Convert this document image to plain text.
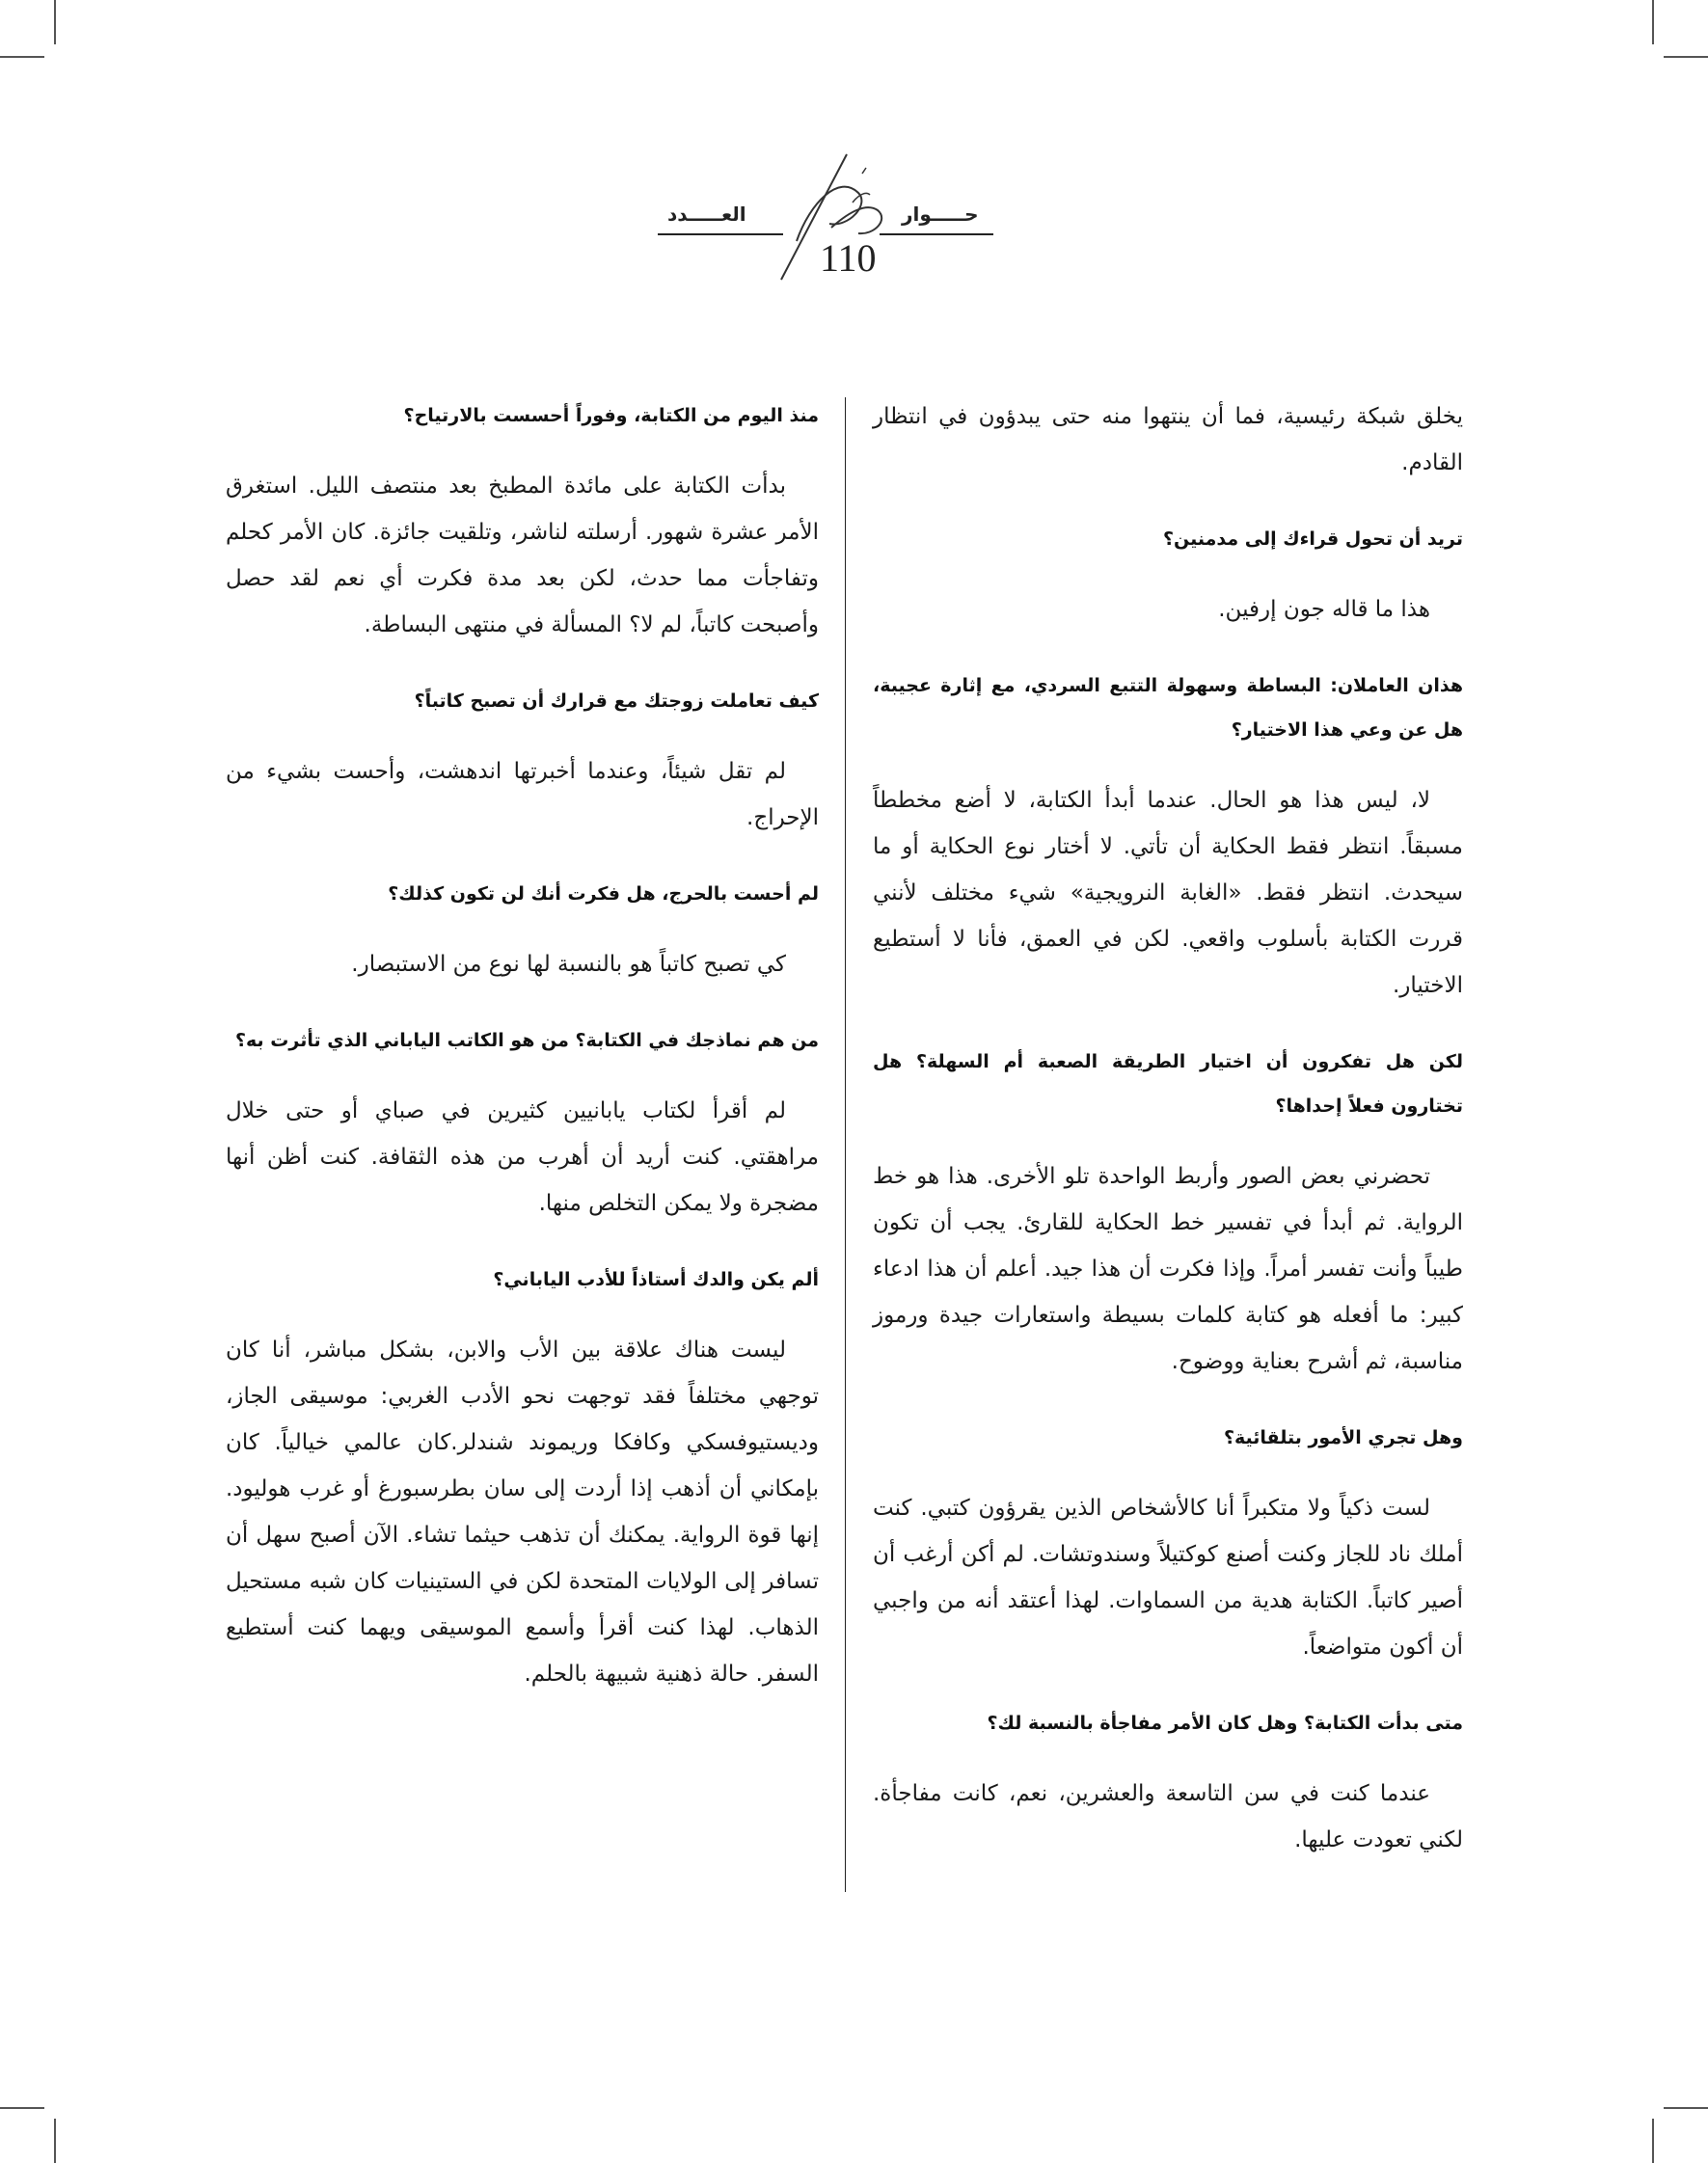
حـــــوار
العـــــدد
110

يخلق شبكة رئيسية، فما أن ينتهوا منه حتى يبدؤون في انتظار القادم.

تريد أن تحول قراءك إلى مدمنين؟

هذا ما قاله جون إرفين.

هذان العاملان: البساطة وسهولة التتبع السردي، مع إثارة عجيبة، هل عن وعي هذا الاختيار؟

لا، ليس هذا هو الحال. عندما أبدأ الكتابة، لا أضع مخططاً مسبقاً. انتظر فقط الحكاية أن تأتي. لا أختار نوع الحكاية أو ما سيحدث. انتظر فقط. «الغابة النرويجية» شيء مختلف لأنني قررت الكتابة بأسلوب واقعي. لكن في العمق، فأنا لا أستطيع الاختيار.

لكن هل تفكرون أن اختيار الطريقة الصعبة أم السهلة؟ هل تختارون فعلاً إحداها؟

تحضرني بعض الصور وأربط الواحدة تلو الأخرى. هذا هو خط الرواية. ثم أبدأ في تفسير خط الحكاية للقارئ. يجب أن تكون طيباً وأنت تفسر أمراً. وإذا فكرت أن هذا جيد. أعلم أن هذا ادعاء كبير: ما أفعله هو كتابة كلمات بسيطة واستعارات جيدة ورموز مناسبة، ثم أشرح بعناية ووضوح.

وهل تجري الأمور بتلقائية؟

لست ذكياً ولا متكبراً أنا كالأشخاص الذين يقرؤون كتبي. كنت أملك ناد للجاز وكنت أصنع كوكتيلاً وسندوتشات. لم أكن أرغب أن أصير كاتباً. الكتابة هدية من السماوات. لهذا أعتقد أنه من واجبي أن أكون متواضعاً.

متى بدأت الكتابة؟ وهل كان الأمر مفاجأة بالنسبة لك؟

عندما كنت في سن التاسعة والعشرين، نعم، كانت مفاجأة. لكني تعودت عليها.

منذ اليوم من الكتابة، وفوراً أحسست بالارتياح؟

بدأت الكتابة على مائدة المطبخ بعد منتصف الليل. استغرق الأمر عشرة شهور. أرسلته لناشر، وتلقيت جائزة. كان الأمر كحلم وتفاجأت مما حدث، لكن بعد مدة فكرت أي نعم لقد حصل وأصبحت كاتباً، لم لا؟ المسألة في منتهى البساطة.

كيف تعاملت زوجتك مع قرارك أن تصبح كاتباً؟

لم تقل شيئاً، وعندما أخبرتها اندهشت، وأحست بشيء من الإحراج.

لم أحست بالحرج، هل فكرت أنك لن تكون كذلك؟

كي تصبح كاتباً هو بالنسبة لها نوع من الاستبصار.

من هم نماذجك في الكتابة؟ من هو الكاتب الياباني الذي تأثرت به؟

لم أقرأ لكتاب يابانيين كثيرين في صباي أو حتى خلال مراهقتي. كنت أريد أن أهرب من هذه الثقافة. كنت أظن أنها مضجرة ولا يمكن التخلص منها.

ألم يكن والدك أستاذاً للأدب الياباني؟

ليست هناك علاقة بين الأب والابن، بشكل مباشر، أنا كان توجهي مختلفاً فقد توجهت نحو الأدب الغربي: موسيقى الجاز، وديستيوفسكي وكافكا وريموند شندلر.كان عالمي خيالياً. كان بإمكاني أن أذهب إذا أردت إلى سان بطرسبورغ أو غرب هوليود. إنها قوة الرواية. يمكنك أن تذهب حيثما تشاء. الآن أصبح سهل أن تسافر إلى الولايات المتحدة لكن في الستينيات كان شبه مستحيل الذهاب. لهذا كنت أقرأ وأسمع الموسيقى ويهما كنت أستطيع السفر. حالة ذهنية شبيهة بالحلم.
